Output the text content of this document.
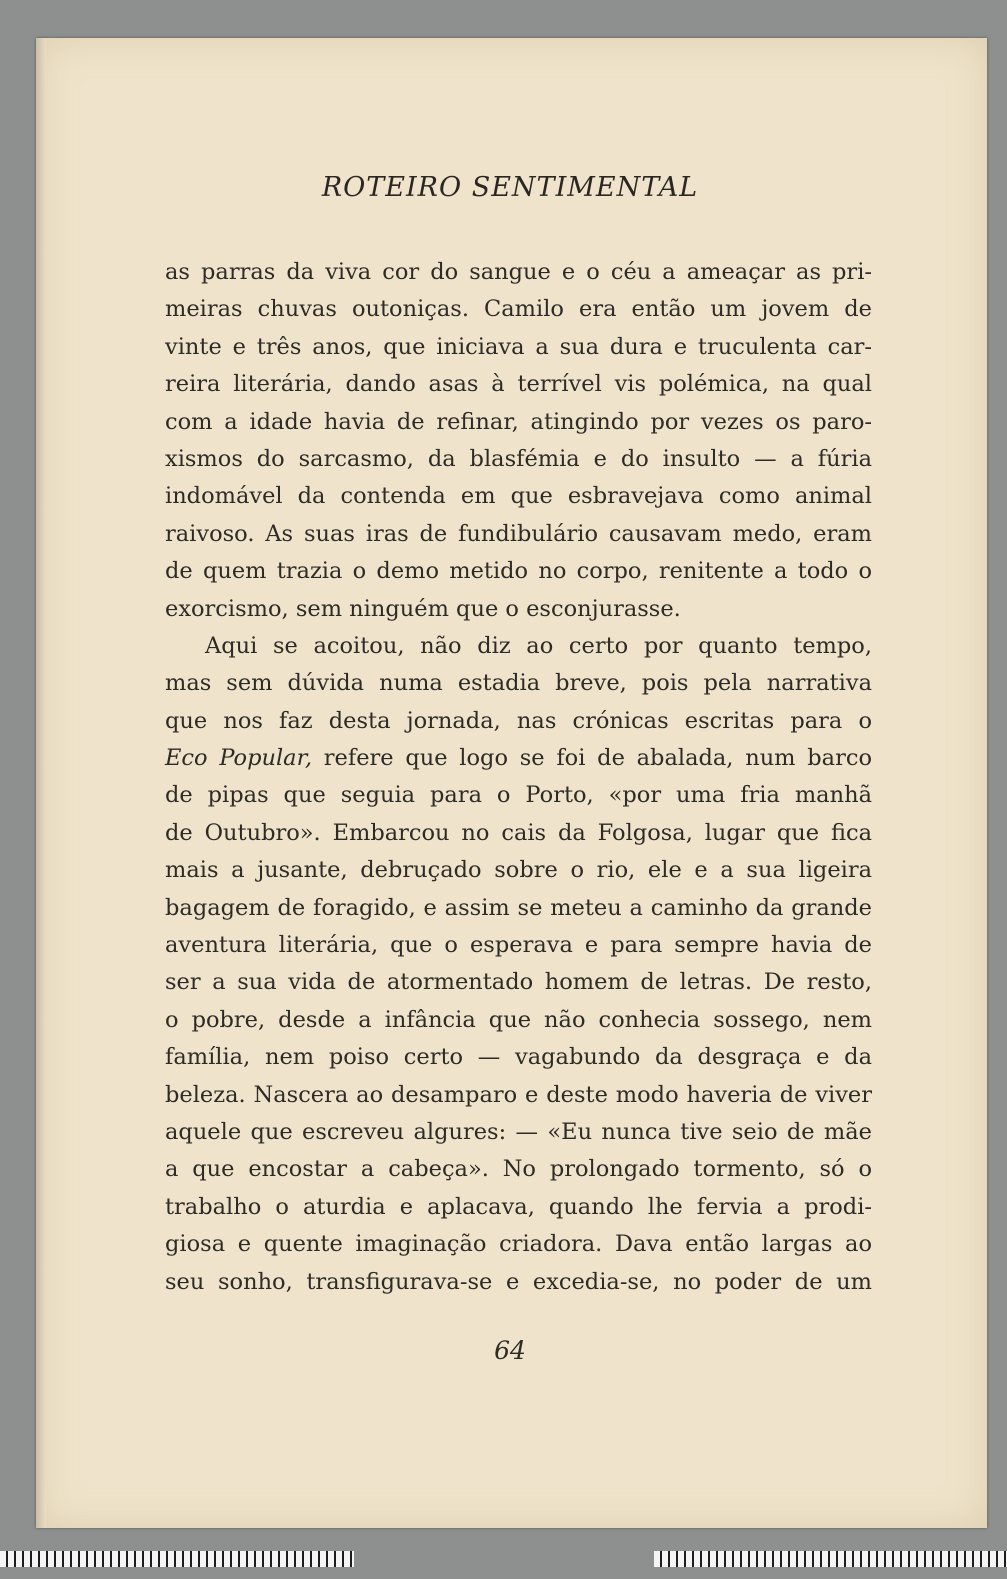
ROTEIRO SENTIMENTAL
as parras da viva cor do sangue e o céu a ameaçar as pri-
meiras chuvas outoniças. Camilo era então um jovem de
vinte e três anos, que iniciava a sua dura e truculenta car-
reira literária, dando asas à terrível vis polémica, na qual
com a idade havia de refinar, atingindo por vezes os paro-
xismos do sarcasmo, da blasfémia e do insulto — a fúria
indomável da contenda em que esbravejava como animal
raivoso. As suas iras de fundibulário causavam medo, eram
de quem trazia o demo metido no corpo, renitente a todo o
exorcismo, sem ninguém que o esconjurasse.
Aqui se acoitou, não diz ao certo por quanto tempo,
mas sem dúvida numa estadia breve, pois pela narrativa
que nos faz desta jornada, nas crónicas escritas para o
Eco Popular, refere que logo se foi de abalada, num barco
de pipas que seguia para o Porto, «por uma fria manhã
de Outubro». Embarcou no cais da Folgosa, lugar que fica
mais a jusante, debruçado sobre o rio, ele e a sua ligeira
bagagem de foragido, e assim se meteu a caminho da grande
aventura literária, que o esperava e para sempre havia de
ser a sua vida de atormentado homem de letras. De resto,
o pobre, desde a infância que não conhecia sossego, nem
família, nem poiso certo — vagabundo da desgraça e da
beleza. Nascera ao desamparo e deste modo haveria de viver
aquele que escreveu algures: — «Eu nunca tive seio de mãe
a que encostar a cabeça». No prolongado tormento, só o
trabalho o aturdia e aplacava, quando lhe fervia a prodi-
giosa e quente imaginação criadora. Dava então largas ao
seu sonho, transfigurava-se e excedia-se, no poder de um
64
